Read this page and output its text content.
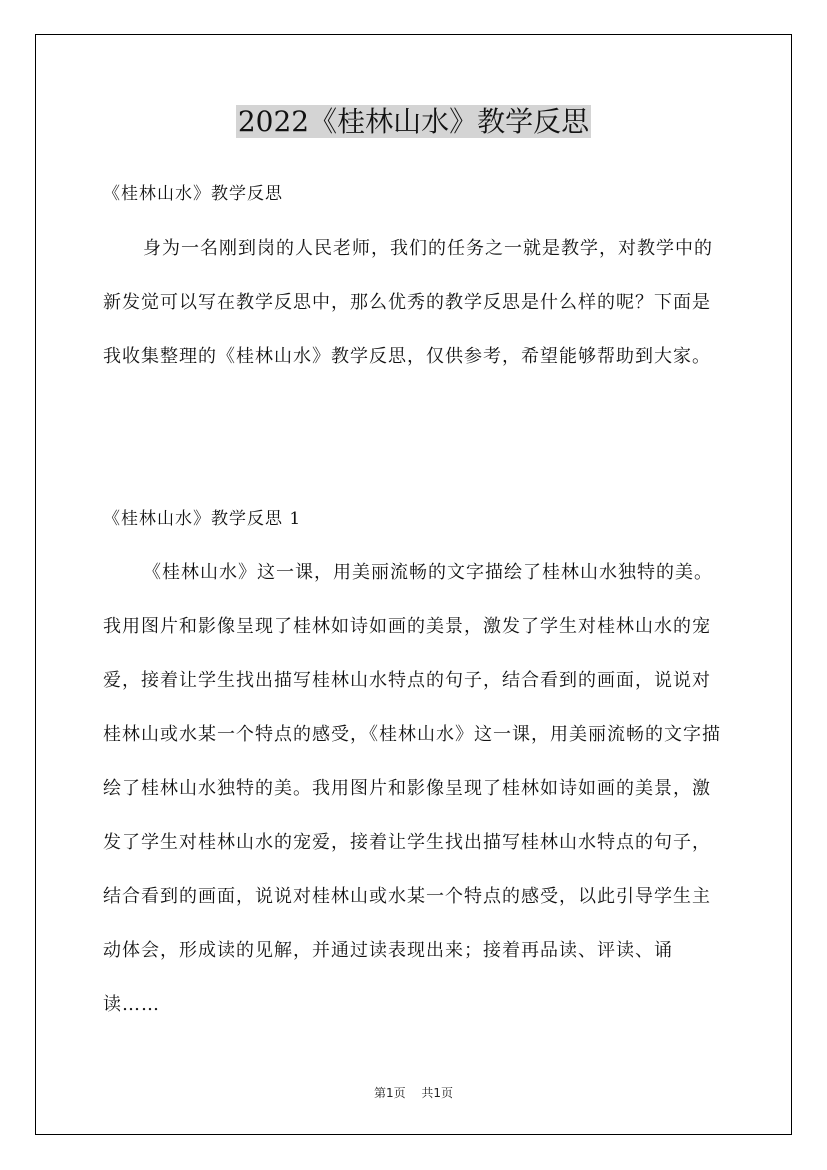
2022《桂林山水》教学反思
《桂林山水》教学反思
身为一名刚到岗的人民老师，我们的任务之一就是教学，对教学中的新发觉可以写在教学反思中，那么优秀的教学反思是什么样的呢？下面是我收集整理的《桂林山水》教学反思，仅供参考，希望能够帮助到大家。
《桂林山水》教学反思 1
《桂林山水》这一课，用美丽流畅的文字描绘了桂林山水独特的美。我用图片和影像呈现了桂林如诗如画的美景，激发了学生对桂林山水的宠爱，接着让学生找出描写桂林山水特点的句子，结合看到的画面，说说对桂林山或水某一个特点的感受，《桂林山水》这一课，用美丽流畅的文字描绘了桂林山水独特的美。我用图片和影像呈现了桂林如诗如画的美景，激发了学生对桂林山水的宠爱，接着让学生找出描写桂林山水特点的句子，结合看到的画面，说说对桂林山或水某一个特点的感受，以此引导学生主动体会，形成读的见解，并通过读表现出来；接着再品读、评读、诵读……
第1页 共1页
